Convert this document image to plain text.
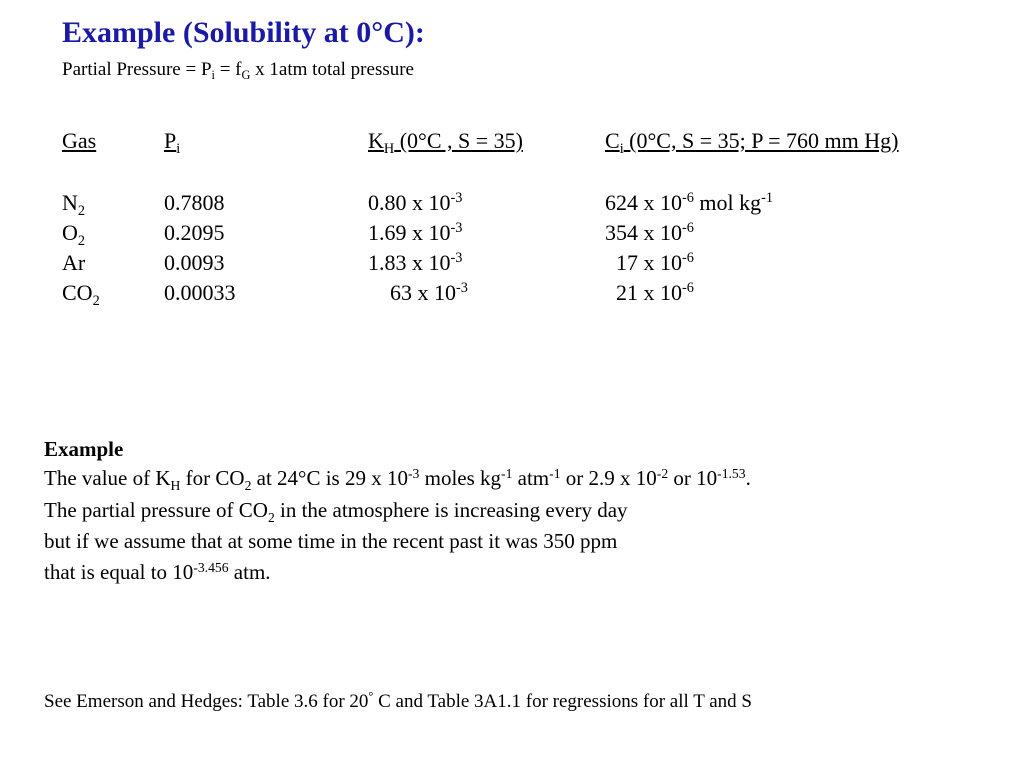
Example (Solubility at 0°C):
Partial Pressure = $P_i = f_G$ x 1atm total pressure
Gas	$P_i$	$K_H$ (0°C , S = 35)	$C_i$ (0°C, S = 35; P = 760 mm Hg)
$N_2$	0.7808	0.80 x $10^{-3}$	624 x $10^{-6}$ mol $kg^{-1}$
$O_2$	0.2095	1.69 x $10^{-3}$	354 x $10^{-6}$
Ar	0.0093	1.83 x $10^{-3}$	17 x $10^{-6}$
$CO_2$	0.00033	63 x $10^{-3}$	21 x $10^{-6}$
Example
The value of $K_H$ for $CO_2$ at 24°C is 29 x $10^{-3}$ moles $kg^{-1}$ atm$^{-1}$ or 2.9 x $10^{-2}$ or $10^{-1.53}$.
The partial pressure of $CO_2$ in the atmosphere is increasing every day
but if we assume that at some time in the recent past it was 350 ppm
that is equal to $10^{-3.456}$ atm.
See Emerson and Hedges: Table 3.6 for 20° C and Table 3A1.1 for regressions for all T and S
